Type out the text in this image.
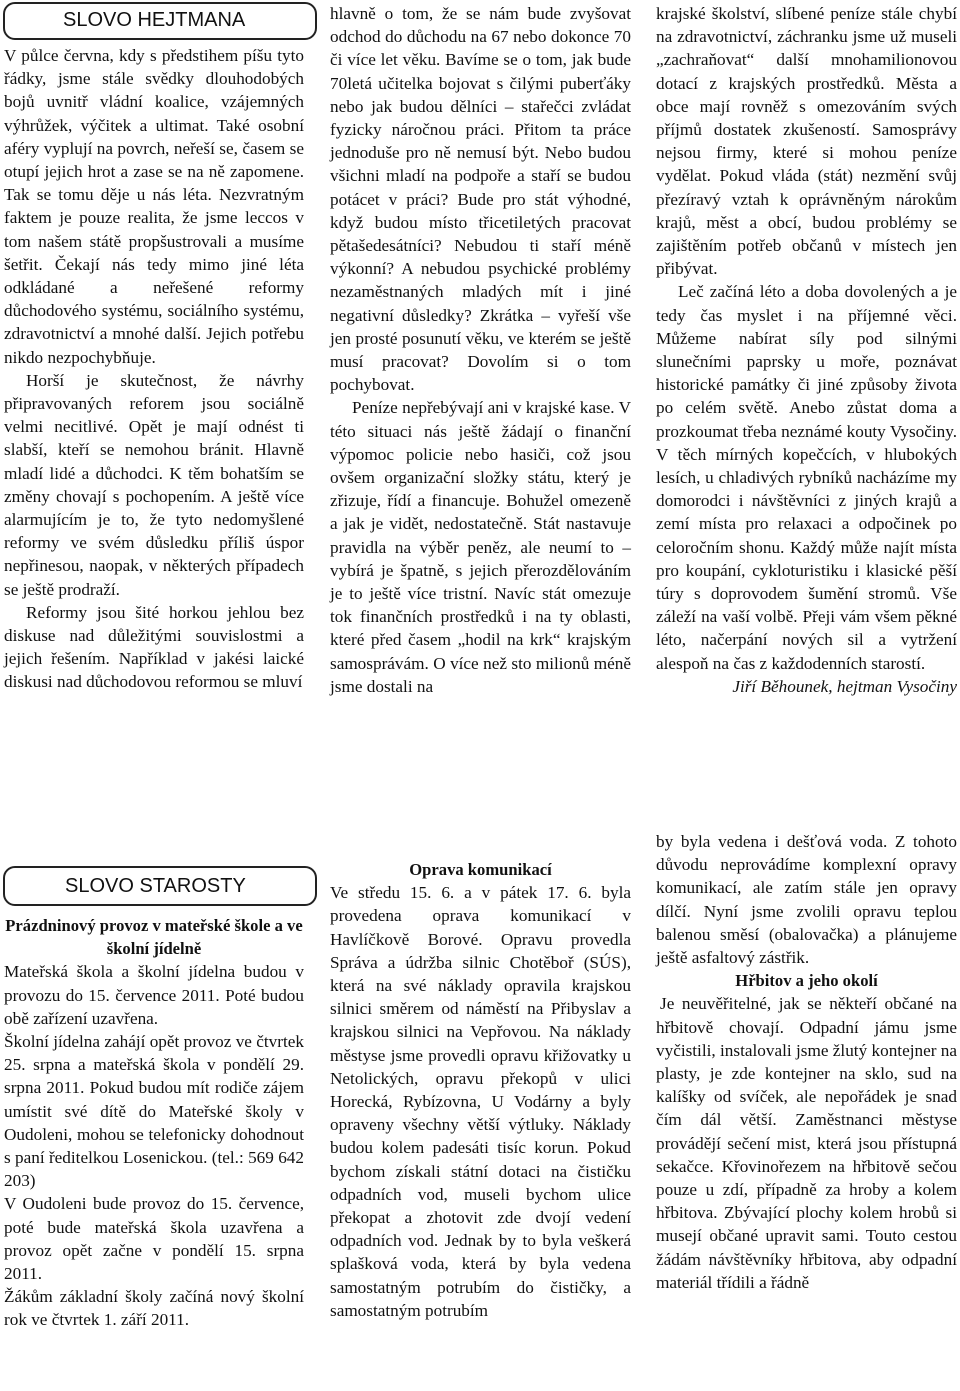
SLOVO HEJTMANA

V půlce června, kdy s předstihem píšu tyto řádky, jsme stále svědky dlouhodobých bojů uvnitř vládní koalice, vzájemných výhrůžek, výčitek a ultimat. Také osobní aféry vyplují na povrch, neřeší se, časem se otupí jejich hrot a zase se na ně zapomene. Tak se tomu děje u nás léta. Nezvratným faktem je pouze realita, že jsme leccos v tom našem státě propšustrovali a musíme šetřit. Čekají nás tedy mimo jiné léta odkládané a neřešené reformy důchodového systému, sociálního systému, zdravotnictví a mnohé další. Jejich potřebu nikdo nezpochybňuje.

Horší je skutečnost, že návrhy připravovaných reforem jsou sociálně velmi necitlivé. Opět je mají odnést ti slabší, kteří se nemohou bránit. Hlavně mladí lidé a důchodci. K těm bohatším se změny chovají s pochopením. A ještě více alarmujícím je to, že tyto nedomyšlené reformy ve svém důsledku příliš úspor nepřinesou, naopak, v některých případech se ještě prodraží.

Reformy jsou šité horkou jehlou bez diskuse nad důležitými souvislostmi a jejich řešením. Například v jakési laické diskusi nad důchodovou reformou se mluví

hlavně o tom, že se nám bude zvyšovat odchod do důchodu na 67 nebo dokonce 70 či více let věku. Bavíme se o tom, jak bude 70letá učitelka bojovat s čilými puberťáky nebo jak budou dělníci – stařečci zvládat fyzicky náročnou práci. Přitom ta práce jednoduše pro ně nemusí být. Nebo budou všichni mladí na podpoře a staří se budou potácet v práci? Bude pro stát výhodné, když budou místo třicetiletých pracovat pětašedesátníci? Nebudou ti staří méně výkonní? A nebudou psychické problémy nezaměstnaných mladých mít i jiné negativní důsledky? Zkrátka – vyřeší vše jen prosté posunutí věku, ve kterém se ještě musí pracovat? Dovolím si o tom pochybovat.

Peníze nepřebývají ani v krajské kase. V této situaci nás ještě žádají o finanční výpomoc policie nebo hasiči, což jsou ovšem organizační složky státu, který je zřizuje, řídí a financuje. Bohužel omezeně a jak je vidět, nedostatečně. Stát nastavuje pravidla na výběr peněz, ale neumí to – vybírá je špatně, s jejich přerozdělováním je to ještě více tristní. Navíc stát omezuje tok finančních prostředků i na ty oblasti, které před časem „hodil na krk“ krajským samosprávám. O více než sto milionů méně jsme dostali na

krajské školství, slíbené peníze stále chybí na zdravotnictví, záchranku jsme už museli „zachraňovat“ další mnohamilionovou dotací z krajských prostředků. Města a obce mají rovněž s omezováním svých příjmů dostatek zkušeností. Samosprávy nejsou firmy, které si mohou peníze vydělat. Pokud vláda (stát) nezmění svůj přezíravý vztah k oprávněným nárokům krajů, měst a obcí, budou problémy se zajištěním potřeb občanů v místech jen přibývat.

Leč začíná léto a doba dovolených a je tedy čas myslet i na příjemné věci. Můžeme nabírat síly pod silnými slunečními paprsky u moře, poznávat historické památky či jiné způsoby života po celém světě. Anebo zůstat doma a prozkoumat třeba neznámé kouty Vysočiny. V těch mírných kopečcích, v hlubokých lesích, u chladivých rybníků nacházíme my domorodci i návštěvníci z jiných krajů a zemí místa pro relaxaci a odpočinek po celoročním shonu. Každý může najít místa pro koupání, cykloturistiku i klasické pěší túry s doprovodem šumění stromů. Vše záleží na vaší volbě. Přeji vám všem pěkné léto, načerpání nových sil a vytržení alespoň na čas z každodenních starostí.

Jiří Běhounek, hejtman Vysočiny

SLOVO STAROSTY

Prázdninový provoz v mateřské škole a ve školní jídelně

Mateřská škola a školní jídelna budou v provozu do 15. července 2011. Poté budou obě zařízení uzavřena.

Školní jídelna zahájí opět provoz ve čtvrtek 25. srpna a mateřská škola v pondělí 29. srpna 2011. Pokud budou mít rodiče zájem umístit své dítě do Mateřské školy v Oudoleni, mohou se telefonicky dohodnout s paní ředitelkou Losenickou. (tel.: 569 642 203)

V Oudoleni bude provoz do 15. července, poté bude mateřská škola uzavřena a provoz opět začne v pondělí 15. srpna 2011.

Žákům základní školy začíná nový školní rok ve čtvrtek 1. září 2011.

Oprava komunikací

Ve středu 15. 6. a v pátek 17. 6. byla provedena oprava komunikací v Havlíčkově Borové. Opravu provedla Správa a údržba silnic Chotěboř (SÚS), která na své náklady opravila krajskou silnici směrem od náměstí na Přibyslav a krajskou silnici na Vepřovou. Na náklady městyse jsme provedli opravu křižovatky u Netolických, opravu překopů v ulici Horecká, Rybízovna, U Vodárny a byly opraveny všechny větší výtluky. Náklady budou kolem padesáti tisíc korun. Pokud bychom získali státní dotaci na čističku odpadních vod, museli bychom ulice překopat a zhotovit zde dvojí vedení odpadních vod. Jednak by to byla veškerá splašková voda, která by byla vedena samostatným potrubím do čističky, a samostatným potrubím

by byla vedena i dešťová voda. Z tohoto důvodu neprovádíme komplexní opravy komunikací, ale zatím stále jen opravy dílčí. Nyní jsme zvolili opravu teplou balenou směsí (obalovačka) a plánujeme ještě asfaltový zástřik.

Hřbitov a jeho okolí

Je neuvěřitelné, jak se někteří občané na hřbitově chovají. Odpadní jámu jsme vyčistili, instalovali jsme žlutý kontejner na plasty, je zde kontejner na sklo, sud na kalíšky od svíček, ale nepořádek je snad čím dál větší. Zaměstnanci městyse provádějí sečení mist, která jsou přístupná sekačce. Křovinořezem na hřbitově sečou pouze u zdí, případně za hroby a kolem hřbitova. Zbývající plochy kolem hrobů si musejí občané upravit sami. Touto cestou žádám návštěvníky hřbitova, aby odpadní materiál třídili a řádně
